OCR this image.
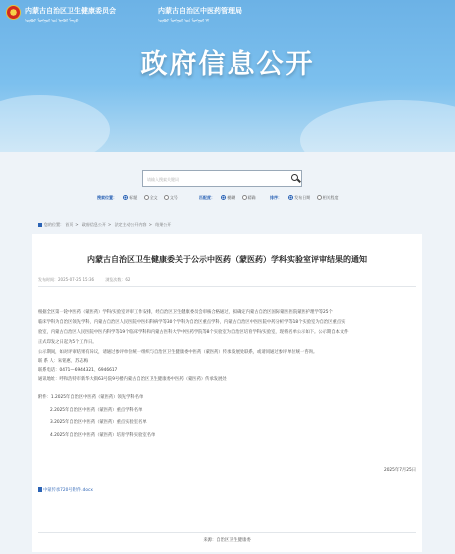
内蒙古自治区卫生健康委员会
ᠥᠪᠥᠷ ᠮᠣᠩᠭᠣᠯ ᠤᠨ ᠡᠷᠡᠭᠦᠯ ᠮᠡᠨᠳᠦ
内蒙古自治区中医药管理局
ᠥᠪᠥᠷ ᠮᠣᠩᠭᠣᠯ ᠤᠨ ᠮᠣᠩᠭᠣᠯ ᠡᠮ
政府信息公开
请输入搜索关键词
搜索位置：	标题	全文	文号	匹配度：	模糊	精确	排序：	发布日期	相关程度
您的位置： 首页 > 政府信息公开 > 法定主动公开内容 > 结果公开
内蒙古自治区卫生健康委关于公示中医药（蒙医药）学科实验室评审结果的通知
发布时间：2025-07-25 15:36	浏览次数：62
根据全区第一轮中医药（蒙医药）学科/实验室评审工作安排，经自治区卫生健康委员会审核合格通过，拟确定内蒙古自治区国际蒙医医院蒙医护理学等25个
临床学科为自治区领先学科，内蒙古自治区人民医院中医妇科病学等30个学科为自治区重点学科，内蒙古自治区中医医院中药分析学等18个实验室为自治区重点实
验室，内蒙古自治区人民医院中医内科学等19个临床学科和内蒙古医科大学中医药学院等8个实验室为自治区培育学科/实验室，现将名单公示如下。公示期自本文件
正式印发之日起为5个工作日。
公示期间，如对评审结果有异议，请通过参评单位统一组织与自治区卫生健康委中医药（蒙医药）传承发展处联系，或请同通过参评单位统一咨询。
联 系 人：朱铭惠、苏志梅
联系电话：0471—6944321、6946617
通讯地址：呼和浩特市新华大街63号院9号楼内蒙古自治区卫生健康委中医药（蒙医药）传承发展处
附件：1.2025年自治区中医药（蒙医药）领先学科名单
2.2025年自治区中医药（蒙医药）重点学科名单
3.2025年自治区中医药（蒙医药）重点实验室名单
4.2025年自治区中医药（蒙医药）培育学科实验室名单
2025年7月25日
中蒙传承720号附件.docx
来源：自治区卫生健康委
